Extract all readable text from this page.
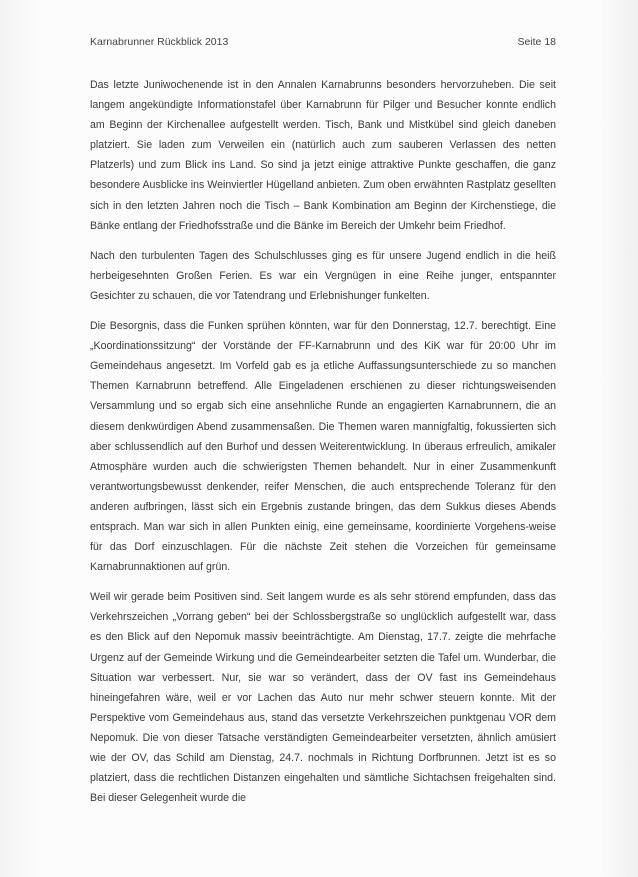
Karnabrunner Rückblick 2013	Seite 18

Das letzte Juniwochenende ist in den Annalen Karnabrunns besonders hervorzuheben. Die seit langem angekündigte Informationstafel über Karnabrunn für Pilger und Besucher konnte endlich am Beginn der Kirchenallee aufgestellt werden. Tisch, Bank und Mistkübel sind gleich daneben platziert. Sie laden zum Verweilen ein (natürlich auch zum sauberen Verlassen des netten Platzerls) und zum Blick ins Land. So sind ja jetzt einige attraktive Punkte geschaffen, die ganz besondere Ausblicke ins Weinviertler Hügelland anbieten. Zum oben erwähnten Rastplatz gesellten sich in den letzten Jahren noch die Tisch – Bank Kombination am Beginn der Kirchenstiege, die Bänke entlang der Friedhofsstraße und die Bänke im Bereich der Umkehr beim Friedhof.

Nach den turbulenten Tagen des Schulschlusses ging es für unsere Jugend endlich in die heiß herbeigesehnten Großen Ferien. Es war ein Vergnügen in eine Reihe junger, entspannter Gesichter zu schauen, die vor Tatendrang und Erlebnishunger funkelten.

Die Besorgnis, dass die Funken sprühen könnten, war für den Donnerstag, 12.7. berechtigt. Eine „Koordinationssitzung“ der Vorstände der FF-Karnabrunn und des KiK war für 20:00 Uhr im Gemeindehaus angesetzt. Im Vorfeld gab es ja etliche Auffassungsunterschiede zu so manchen Themen Karnabrunn betreffend. Alle Eingeladenen erschienen zu dieser richtungsweisenden Versammlung und so ergab sich eine ansehnliche Runde an engagierten Karnabrunnern, die an diesem denkwürdigen Abend zusammensaßen. Die Themen waren mannigfaltig, fokussierten sich aber schlussendlich auf den Burhof und dessen Weiterentwicklung. In überaus erfreulich, amikaler Atmosphäre wurden auch die schwierigsten Themen behandelt. Nur in einer Zusammenkunft verantwortungsbewusst denkender, reifer Menschen, die auch entsprechende Toleranz für den anderen aufbringen, lässt sich ein Ergebnis zustande bringen, das dem Sukkus dieses Abends entsprach. Man war sich in allen Punkten einig, eine gemeinsame, koordinierte Vorgehens-weise für das Dorf einzuschlagen. Für die nächste Zeit stehen die Vorzeichen für gemeinsame Karnabrunnaktionen auf grün.

Weil wir gerade beim Positiven sind. Seit langem wurde es als sehr störend empfunden, dass das Verkehrszeichen „Vorrang geben“ bei der Schlossbergstraße so unglücklich aufgestellt war, dass es den Blick auf den Nepomuk massiv beeinträchtigte. Am Dienstag, 17.7. zeigte die mehrfache Urgenz auf der Gemeinde Wirkung und die Gemeindearbeiter setzten die Tafel um. Wunderbar, die Situation war verbessert. Nur, sie war so verändert, dass der OV fast ins Gemeindehaus hineingefahren wäre, weil er vor Lachen das Auto nur mehr schwer steuern konnte. Mit der Perspektive vom Gemeindehaus aus, stand das versetzte Verkehrszeichen punktgenau VOR dem Nepomuk. Die von dieser Tatsache verständigten Gemeindearbeiter versetzten, ähnlich amüsiert wie der OV, das Schild am Dienstag, 24.7. nochmals in Richtung Dorfbrunnen. Jetzt ist es so platziert, dass die rechtlichen Distanzen eingehalten und sämtliche Sichtachsen freigehalten sind. Bei dieser Gelegenheit wurde die
